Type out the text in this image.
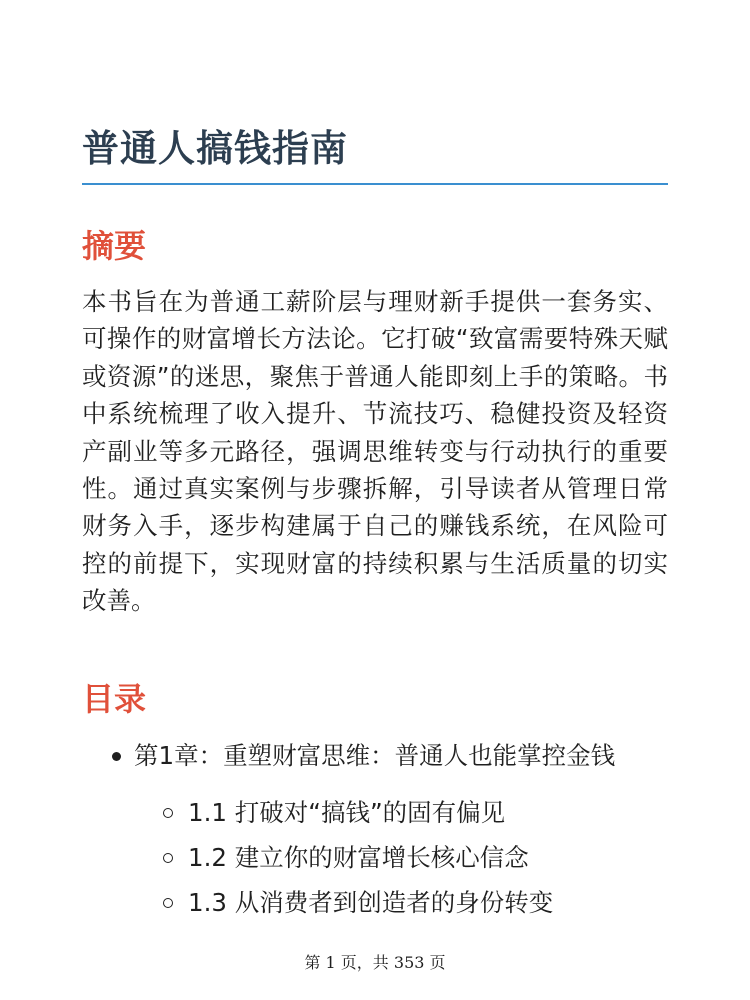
普通人搞钱指南
摘要

本书旨在为普通工薪阶层与理财新手提供一套务实、可操作的财富增长方法论。它打破“致富需要特殊天赋或资源”的迷思，聚焦于普通人能即刻上手的策略。书中系统梳理了收入提升、节流技巧、稳健投资及轻资产副业等多元路径，强调思维转变与行动执行的重要性。通过真实案例与步骤拆解，引导读者从管理日常财务入手，逐步构建属于自己的赚钱系统，在风险可控的前提下，实现财富的持续积累与生活质量的切实改善。

目录
第1章：重塑财富思维：普通人也能掌控金钱
1.1 打破对“搞钱”的固有偏见
1.2 建立你的财富增长核心信念
1.3 从消费者到创造者的身份转变
第 1 页，共 353 页
